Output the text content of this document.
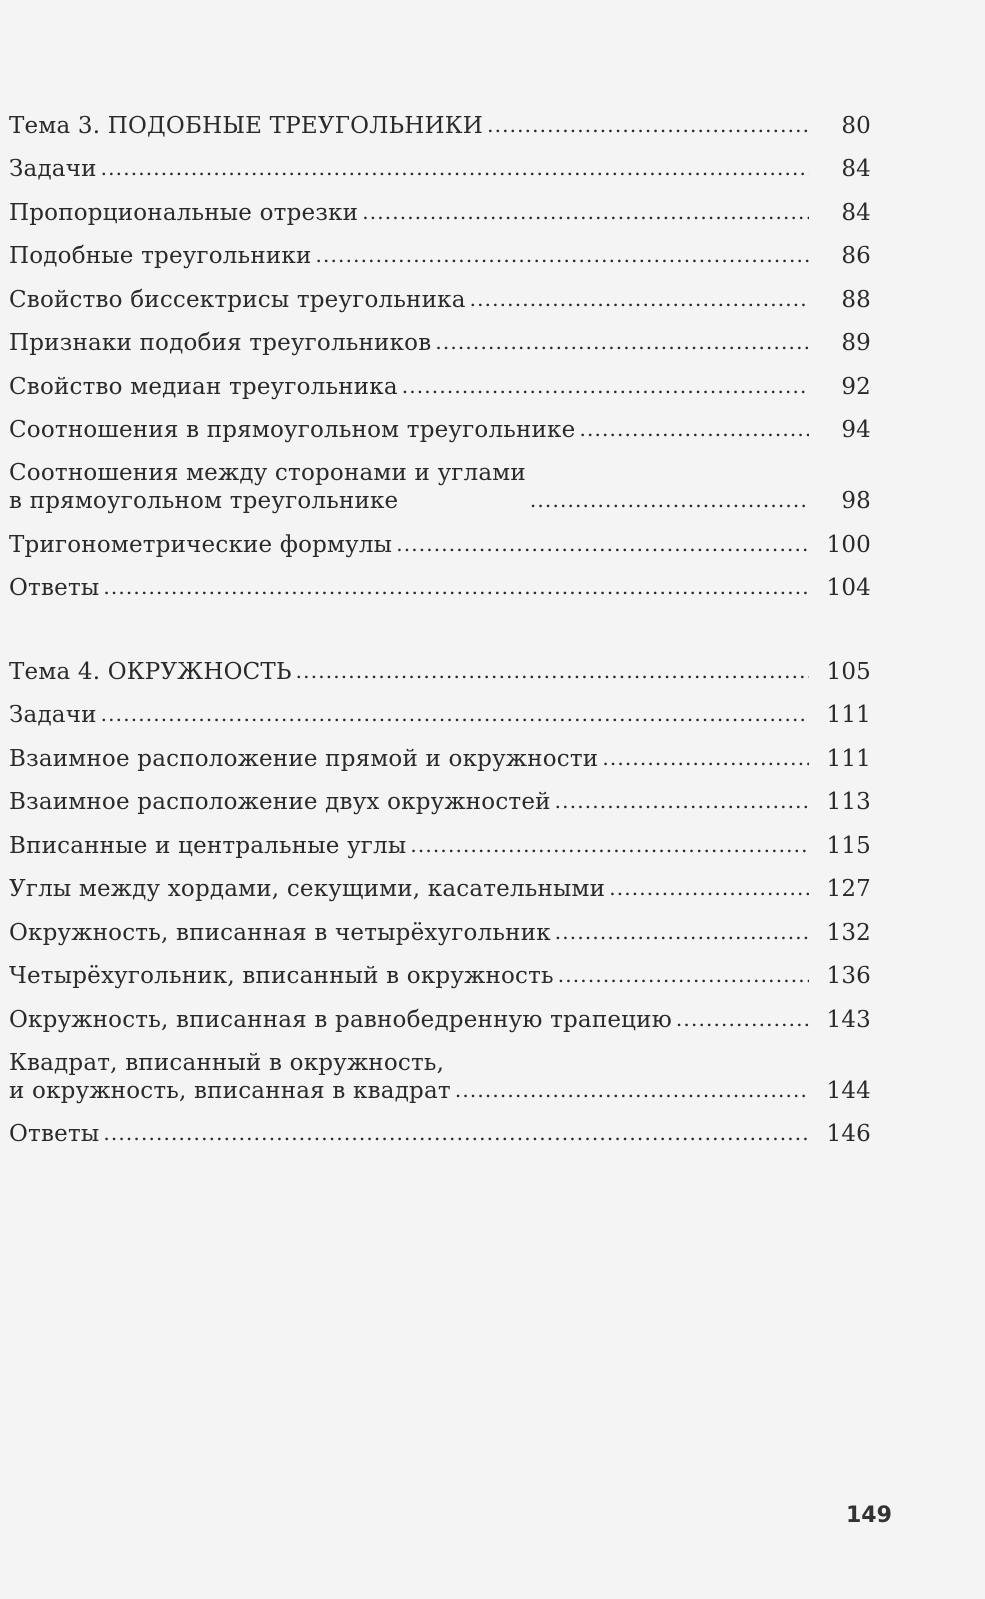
Тема 3. ПОДОБНЫЕ ТРЕУГОЛЬНИКИ . . .	80
Задачи . . .	84
Пропорциональные отрезки . . .	84
Подобные треугольники . . .	86
Свойство биссектрисы треугольника . . .	88
Признаки подобия треугольников . . .	89
Свойство медиан треугольника . . .	92
Соотношения в прямоугольном треугольнике . . .	94
Соотношения между сторонами и углами
в прямоугольном треугольнике . . .	98
Тригонометрические формулы . . .	100
Ответы . . .	104
Тема 4. ОКРУЖНОСТЬ . . .	105
Задачи . . .	111
Взаимное расположение прямой и окружности . . .	111
Взаимное расположение двух окружностей . . .	113
Вписанные и центральные углы . . .	115
Углы между хордами, секущими, касательными . . .	127
Окружность, вписанная в четырёхугольник . . .	132
Четырёхугольник, вписанный в окружность . . .	136
Окружность, вписанная в равнобедренную трапецию . . .	143
Квадрат, вписанный в окружность,
и окружность, вписанная в квадрат . . .	144
Ответы . . .	146
149
